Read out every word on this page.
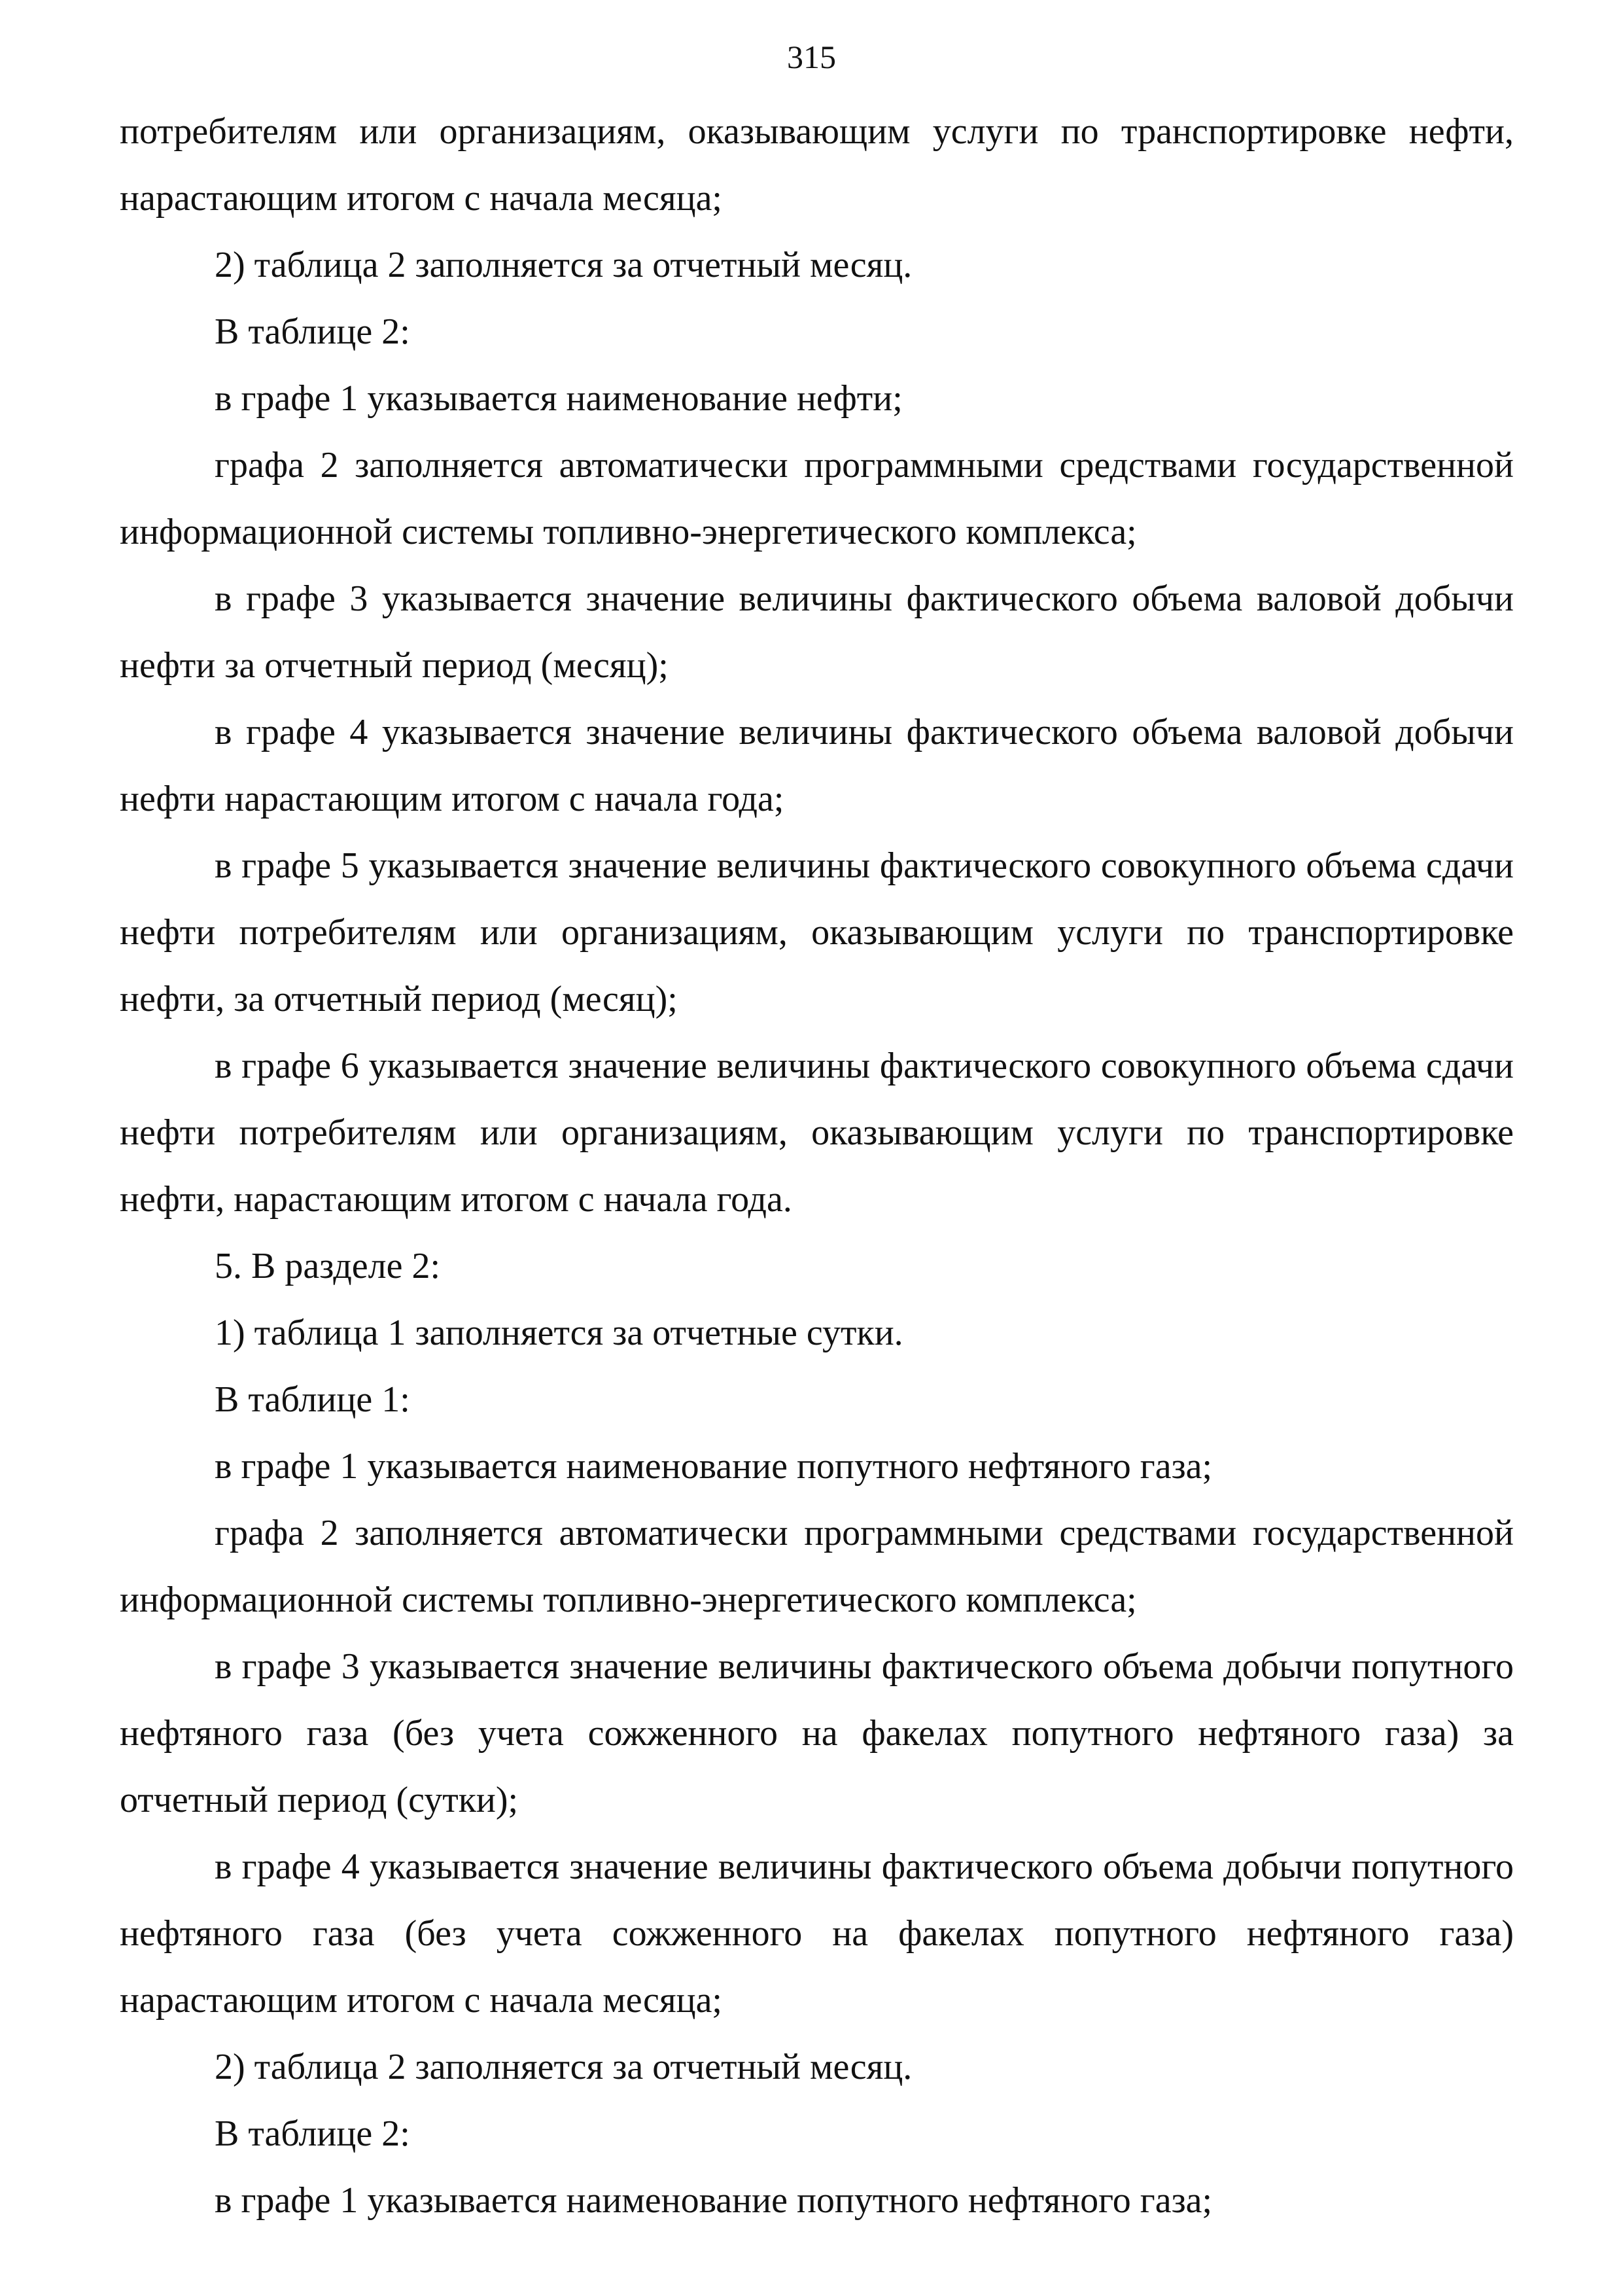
315

потребителям или организациям, оказывающим услуги по транспортировке нефти, нарастающим итогом с начала месяца;

2) таблица 2 заполняется за отчетный месяц.

В таблице 2:

в графе 1 указывается наименование нефти;

графа 2 заполняется автоматически программными средствами государственной информационной системы топливно-энергетического комплекса;

в графе 3 указывается значение величины фактического объема валовой добычи нефти за отчетный период (месяц);

в графе 4 указывается значение величины фактического объема валовой добычи нефти нарастающим итогом с начала года;

в графе 5 указывается значение величины фактического совокупного объема сдачи нефти потребителям или организациям, оказывающим услуги по транспортировке нефти, за отчетный период (месяц);

в графе 6 указывается значение величины фактического совокупного объема сдачи нефти потребителям или организациям, оказывающим услуги по транспортировке нефти, нарастающим итогом с начала года.

5. В разделе 2:

1) таблица 1 заполняется за отчетные сутки.

В таблице 1:

в графе 1 указывается наименование попутного нефтяного газа;

графа 2 заполняется автоматически программными средствами государственной информационной системы топливно-энергетического комплекса;

в графе 3 указывается значение величины фактического объема добычи попутного нефтяного газа (без учета сожженного на факелах попутного нефтяного газа) за отчетный период (сутки);

в графе 4 указывается значение величины фактического объема добычи попутного нефтяного газа (без учета сожженного на факелах попутного нефтяного газа) нарастающим итогом с начала месяца;

2) таблица 2 заполняется за отчетный месяц.

В таблице 2:

в графе 1 указывается наименование попутного нефтяного газа;
